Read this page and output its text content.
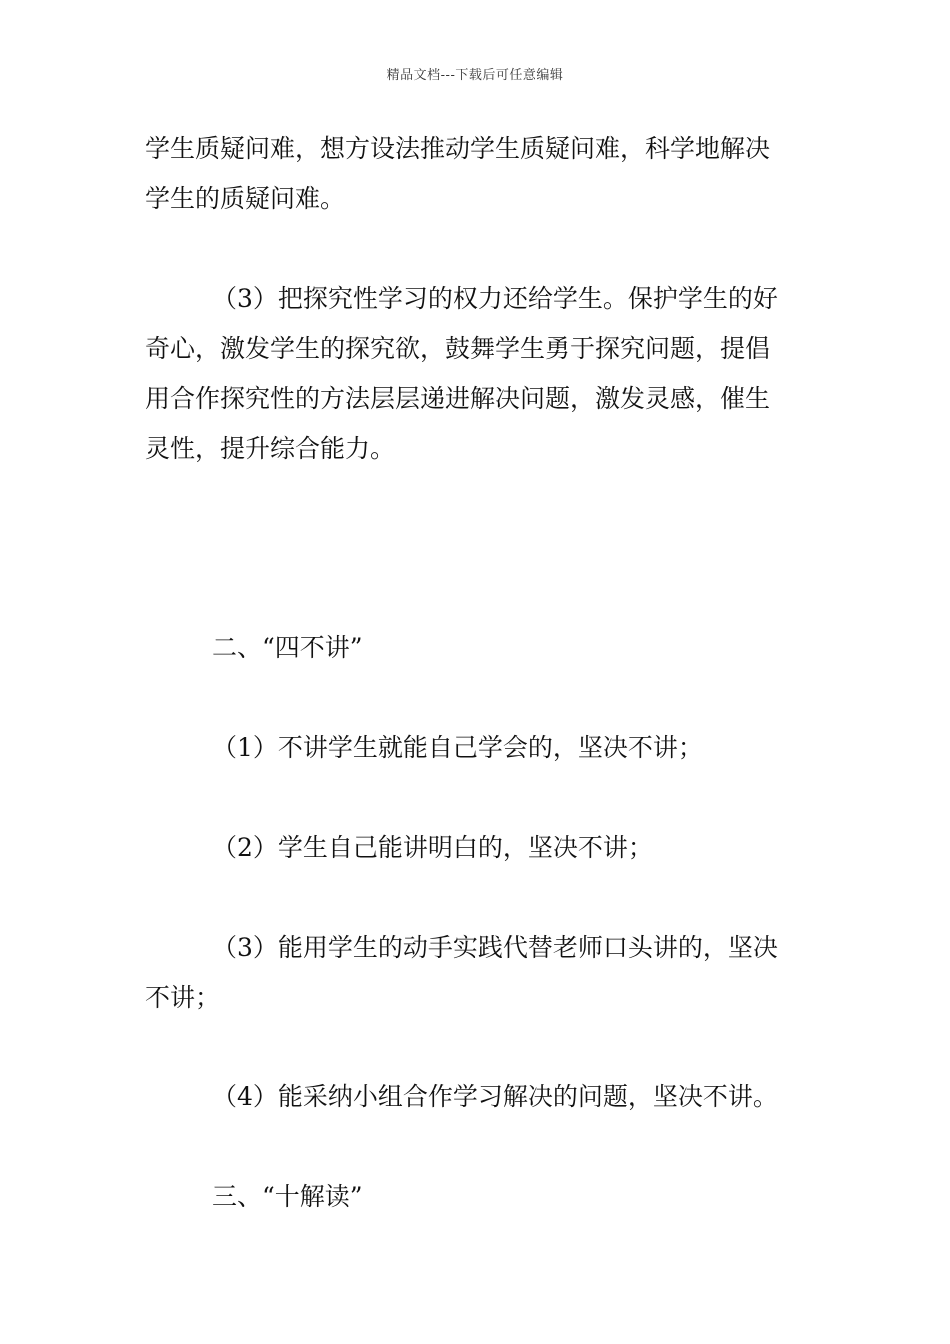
精品文档---下载后可任意编辑
学生质疑问难，想方设法推动学生质疑问难，科学地解决
学生的质疑问难。
（3）把探究性学习的权力还给学生。保护学生的好
奇心，激发学生的探究欲，鼓舞学生勇于探究问题，提倡
用合作探究性的方法层层递进解决问题，激发灵感，催生
灵性，提升综合能力。
二、“四不讲”
（1）不讲学生就能自己学会的，坚决不讲；
（2）学生自己能讲明白的，坚决不讲；
（3）能用学生的动手实践代替老师口头讲的，坚决
不讲；
（4）能采纳小组合作学习解决的问题，坚决不讲。
三、“十解读”
